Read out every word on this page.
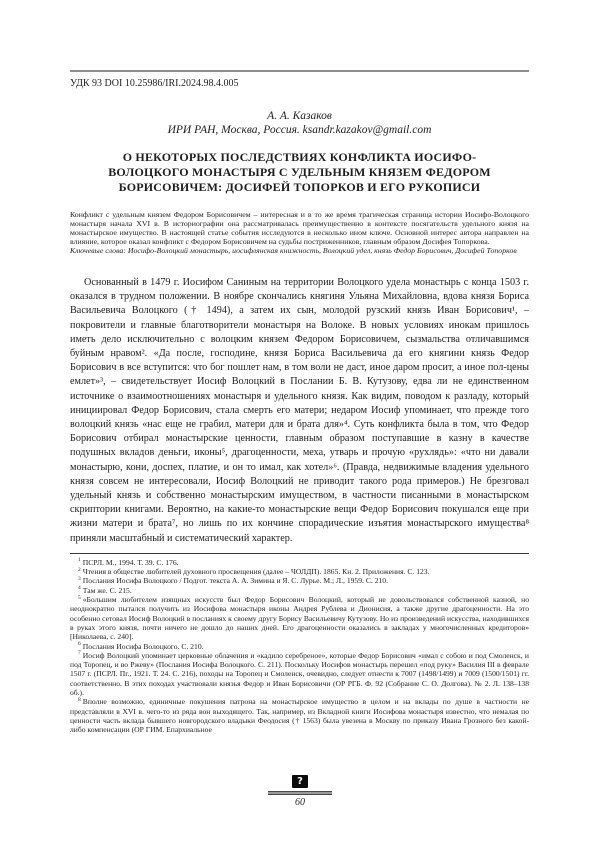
УДК 93 DOI 10.25986/IRI.2024.98.4.005
А. А. Казаков
ИРИ РАН, Москва, Россия. ksandr.kazakov@gmail.com
О НЕКОТОРЫХ ПОСЛЕДСТВИЯХ КОНФЛИКТА ИОСИФО-ВОЛОЦКОГО МОНАСТЫРЯ С УДЕЛЬНЫМ КНЯЗЕМ ФЕДОРОМ БОРИСОВИЧЕМ: ДОСИФЕЙ ТОПОРКОВ И ЕГО РУКОПИСИ
Конфликт с удельным князем Федором Борисовичем – интересная и в то же время трагическая страница истории Иосифо-Волоцкого монастыря начала XVI в. В историографии она рассматривалась преимущественно в контексте посягательств удельного князя на монастырское имущество. В настоящей статье события исследуются в несколько ином ключе. Основной интерес автора направлен на влияние, которое оказал конфликт с Федором Борисовичем на судьбы постриженников, главным образом Досифея Топоркова.
Ключевые слова: Иосифо-Волоцкий монастырь, иосифлянская книжность, Волоцкий удел, князь Федор Борисович, Досифей Топорков
Основанный в 1479 г. Иосифом Саниным на территории Волоцкого удела монастырь с конца 1503 г. оказался в трудном положении. В ноябре скончались княгиня Ульяна Михайловна, вдова князя Бориса Васильевича Волоцкого († 1494), а затем их сын, молодой рузский князь Иван Борисович¹, – покровители и главные благотворители монастыря на Волоке. В новых условиях инокам пришлось иметь дело исключительно с волоцким князем Федором Борисовичем, сызмальства отличавшимся буйным нравом². «Да после, господине, князя Бориса Васильевича да его княгини князь Федор Борисович в все вступится: что бог пошлет нам, в том воли не даст, иное даром просит, а иное пол-цены емлет»³, – свидетельствует Иосиф Волоцкий в Послании Б. В. Кутузову, едва ли не единственном источнике о взаимоотношениях монастыря и удельного князя. Как видим, поводом к разладу, который инициировал Федор Борисович, стала смерть его матери; недаром Иосиф упоминает, что прежде того волоцкий князь «нас еще не грабил, матери для и брата для»⁴. Суть конфликта была в том, что Федор Борисович отбирал монастырские ценности, главным образом поступавшие в казну в качестве подушных вкладов деньги, иконы⁵, драгоценности, меха, утварь и прочую «рухлядь»: «что ни давали монастырю, кони, доспех, платие, и он то имал, как хотел»⁶. (Правда, недвижимые владения удельного князя совсем не интересовали, Иосиф Волоцкий не приводит такого рода примеров.) Не брезговал удельный князь и собственно монастырским имуществом, в частности писанными в монастырском скриптории книгами. Вероятно, на какие-то монастырские вещи Федор Борисович покушался еще при жизни матери и брата⁷, но лишь по их кончине спорадические изъятия монастырского имущества⁸ приняли масштабный и систематический характер.
$^1$ ПСРЛ. М., 1994. Т. 39. С. 176.
$^2$ Чтения в обществе любителей духовного просвещения (далее – ЧОЛДП). 1865. Кн. 2. Приложения. С. 123.
$^3$ Послания Иосифа Волоцкого / Подгот. текста А. А. Зимина и Я. С. Лурье. М.; Л., 1959. С. 210.
$^4$ Там же. С. 215.
$^5$ «Большим любителем изящных искусств был Федор Борисович Волоцкий, который не довольствовался собственной казной, но неоднократно пытался получить из Иосифова монастыря иконы Андрея Рублева и Дионисия, а также другие драгоценности. На это особенно сетовал Иосиф Волоцкий в посланиях к своему другу Борису Васильевичу Кутузову. Но из произведений искусства, находившихся в руках этого князя, почти ничего не дошло до наших дней. Его драгоценности оказались в закладах у многочисленных кредиторов» [Николаева, с. 240].
$^6$ Послания Иосифа Волоцкого. С. 210.
$^7$ Иосиф Волоцкий упоминает церковные облачения и «кадило серебреное», которые Федор Борисович «имал с собою и под Смоленск, и под Торопец, и во Ржеву» (Послания Иосифа Волоцкого. С. 211). Поскольку Иосифов монастырь перешел «под руку» Василия III в феврале 1507 г. (ПСРЛ. Пг., 1921. Т. 24. С. 216), походы на Торопец и Смоленск, очевидно, следует отнести к 7007 (1498/1499) и 7009 (1500/1501) гг. соответственно. В этих походах участвовали князья Федор и Иван Борисовичи (ОР РГБ. Ф. 92 (Собрание С. О. Долгова). № 2. Л. 138–138 об.).
$^8$ Вполне возможно, единичные покушения патрона на монастырское имущество в целом и на вклады по душе в частности не представляли в XVI в. чего-то из ряда вон выходящего. Так, например, из Вкладной книги Иосифова монастыря известно, что немалая по ценности часть вклада бывшего новгородского владыки Феодосия († 1563) была увезена в Москву по приказу Ивана Грозного без какой-либо компенсации (ОР ГИМ. Епархиальное
?
60
